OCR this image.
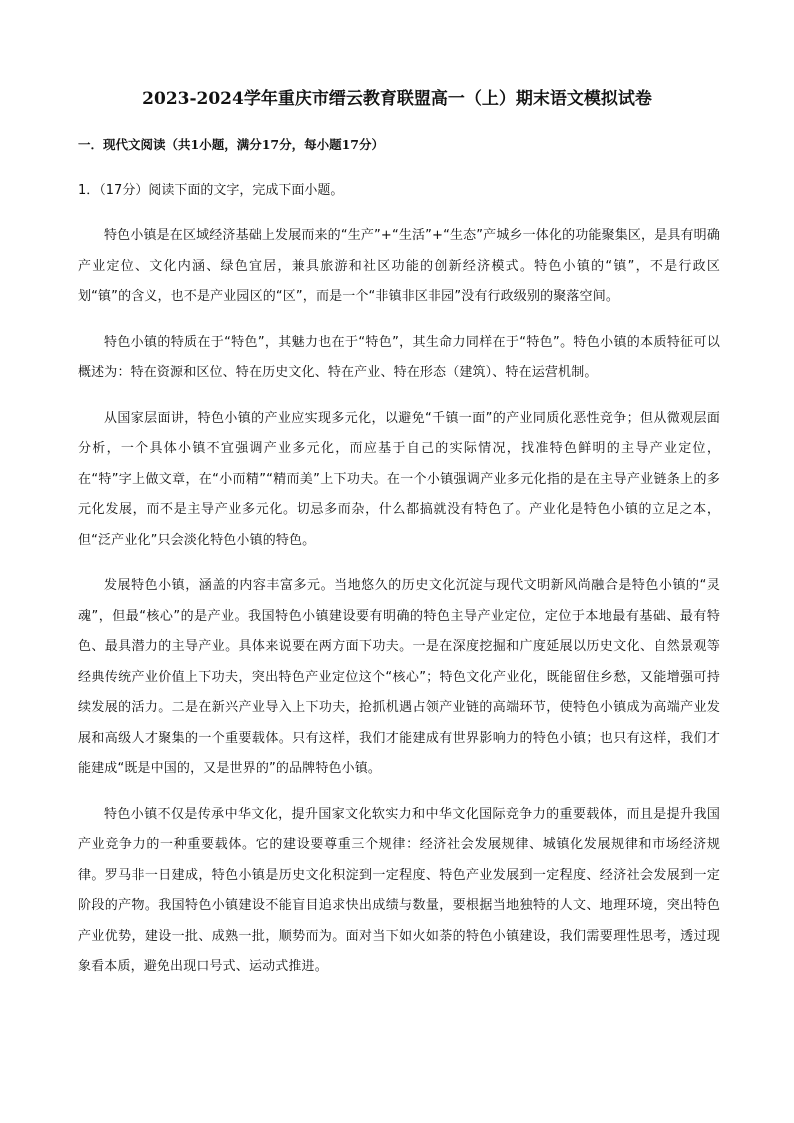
2023-2024学年重庆市缙云教育联盟高一（上）期末语文模拟试卷

一．现代文阅读（共1小题，满分17分，每小题17分）

1．（17分）阅读下面的文字，完成下面小题。

特色小镇是在区域经济基础上发展而来的“生产”+“生活”+“生态”产城乡一体化的功能聚集区，是具有明确产业定位、文化内涵、绿色宜居，兼具旅游和社区功能的创新经济模式。特色小镇的“镇”，不是行政区划“镇”的含义，也不是产业园区的“区”，而是一个“非镇非区非园”没有行政级别的聚落空间。

特色小镇的特质在于“特色”，其魅力也在于“特色”，其生命力同样在于“特色”。特色小镇的本质特征可以概述为：特在资源和区位、特在历史文化、特在产业、特在形态（建筑）、特在运营机制。

从国家层面讲，特色小镇的产业应实现多元化，以避免“千镇一面”的产业同质化恶性竞争；但从微观层面分析，一个具体小镇不宜强调产业多元化，而应基于自己的实际情况，找准特色鲜明的主导产业定位，在“特”字上做文章，在“小而精”“精而美”上下功夫。在一个小镇强调产业多元化指的是在主导产业链条上的多元化发展，而不是主导产业多元化。切忌多而杂，什么都搞就没有特色了。产业化是特色小镇的立足之本，但“泛产业化”只会淡化特色小镇的特色。

发展特色小镇，涵盖的内容丰富多元。当地悠久的历史文化沉淀与现代文明新风尚融合是特色小镇的“灵魂”，但最“核心”的是产业。我国特色小镇建设要有明确的特色主导产业定位，定位于本地最有基础、最有特色、最具潜力的主导产业。具体来说要在两方面下功夫。一是在深度挖掘和广度延展以历史文化、自然景观等经典传统产业价值上下功夫，突出特色产业定位这个“核心”；特色文化产业化，既能留住乡愁，又能增强可持续发展的活力。二是在新兴产业导入上下功夫，抢抓机遇占领产业链的高端环节，使特色小镇成为高端产业发展和高级人才聚集的一个重要载体。只有这样，我们才能建成有世界影响力的特色小镇；也只有这样，我们才能建成“既是中国的，又是世界的”的品牌特色小镇。

特色小镇不仅是传承中华文化，提升国家文化软实力和中华文化国际竞争力的重要载体，而且是提升我国产业竞争力的一种重要载体。它的建设要尊重三个规律：经济社会发展规律、城镇化发展规律和市场经济规律。罗马非一日建成，特色小镇是历史文化积淀到一定程度、特色产业发展到一定程度、经济社会发展到一定阶段的产物。我国特色小镇建设不能盲目追求快出成绩与数量，要根据当地独特的人文、地理环境，突出特色产业优势，建设一批、成熟一批，顺势而为。面对当下如火如荼的特色小镇建设，我们需要理性思考，透过现象看本质，避免出现口号式、运动式推进。
